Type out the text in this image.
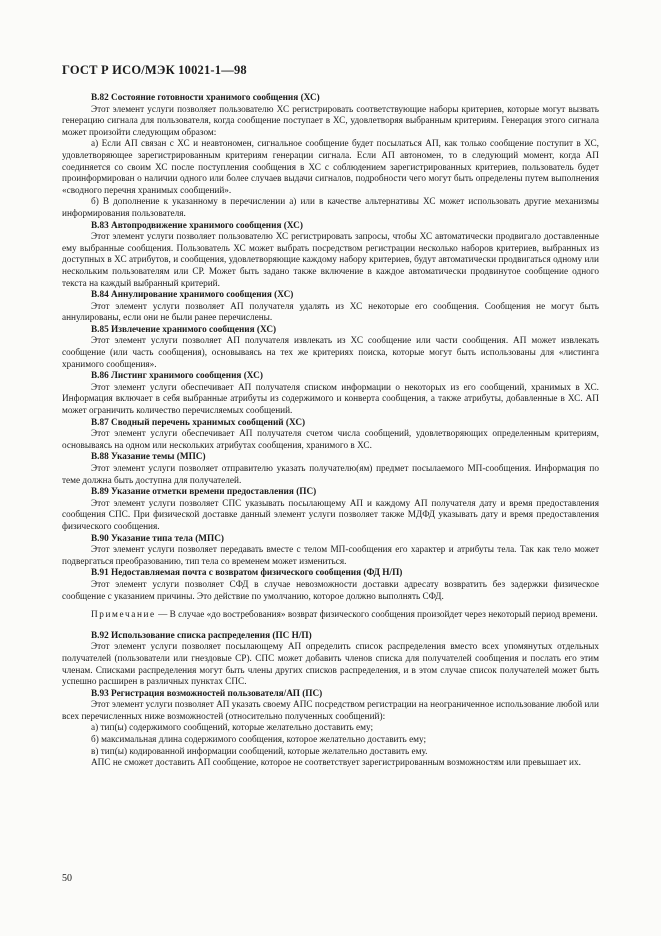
ГОСТ Р ИСО/МЭК 10021-1—98

В.82 Состояние готовности хранимого сообщения (ХС)

Этот элемент услуги позволяет пользователю ХС регистрировать соответствующие наборы критериев, которые могут вызвать генерацию сигнала для пользователя, когда сообщение поступает в ХС, удовлетворяя выбранным критериям. Генерация этого сигнала может произойти следующим образом:

а) Если АП связан с ХС и неавтономен, сигнальное сообщение будет посылаться АП, как только сообщение поступит в ХС, удовлетворяющее зарегистрированным критериям генерации сигнала. Если АП автономен, то в следующий момент, когда АП соединяется со своим ХС после поступления сообщения в ХС с соблюдением зарегистрированных критериев, пользователь будет проинформирован о наличии одного или более случаев выдачи сигналов, подробности чего могут быть определены путем выполнения «сводного перечня хранимых сообщений».

б) В дополнение к указанному в перечислении а) или в качестве альтернативы ХС может использовать другие механизмы информирования пользователя.

В.83 Автопродвижение хранимого сообщения (ХС)

Этот элемент услуги позволяет пользователю ХС регистрировать запросы, чтобы ХС автоматически продвигало доставленные ему выбранные сообщения. Пользователь ХС может выбрать посредством регистрации несколько наборов критериев, выбранных из доступных в ХС атрибутов, и сообщения, удовлетворяющие каждому набору критериев, будут автоматически продвигаться одному или нескольким пользователям или СР. Может быть задано также включение в каждое автоматически продвинутое сообщение одного текста на каждый выбранный критерий.

В.84 Аннулирование хранимого сообщения (ХС)

Этот элемент услуги позволяет АП получателя удалять из ХС некоторые его сообщения. Сообщения не могут быть аннулированы, если они не были ранее перечислены.

В.85 Извлечение хранимого сообщения (ХС)

Этот элемент услуги позволяет АП получателя извлекать из ХС сообщение или части сообщения. АП может извлекать сообщение (или часть сообщения), основываясь на тех же критериях поиска, которые могут быть использованы для «листинга хранимого сообщения».

В.86 Листинг хранимого сообщения (ХС)

Этот элемент услуги обеспечивает АП получателя списком информации о некоторых из его сообщений, хранимых в ХС. Информация включает в себя выбранные атрибуты из содержимого и конверта сообщения, а также атрибуты, добавленные в ХС. АП может ограничить количество перечисляемых сообщений.

В.87 Сводный перечень хранимых сообщений (ХС)

Этот элемент услуги обеспечивает АП получателя счетом числа сообщений, удовлетворяющих определенным критериям, основываясь на одном или нескольких атрибутах сообщения, хранимого в ХС.

В.88 Указание темы (МПС)

Этот элемент услуги позволяет отправителю указать получателю(ям) предмет посылаемого МП-сообщения. Информация по теме должна быть доступна для получателей.

В.89 Указание отметки времени предоставления (ПС)

Этот элемент услуги позволяет СПС указывать посылающему АП и каждому АП получателя дату и время предоставления сообщения СПС. При физической доставке данный элемент услуги позволяет также МДФД указывать дату и время предоставления физического сообщения.

В.90 Указание типа тела (МПС)

Этот элемент услуги позволяет передавать вместе с телом МП-сообщения его характер и атрибуты тела. Так как тело может подвергаться преобразованию, тип тела со временем может измениться.

В.91 Недоставляемая почта с возвратом физического сообщения (ФД Н/П)

Этот элемент услуги позволяет СФД в случае невозможности доставки адресату возвратить без задержки физическое сообщение с указанием причины. Это действие по умолчанию, которое должно выполнять СФД.

Примечание — В случае «до востребования» возврат физического сообщения произойдет через некоторый период времени.

В.92 Использование списка распределения (ПС Н/П)

Этот элемент услуги позволяет посылающему АП определить список распределения вместо всех упомянутых отдельных получателей (пользователи или гнездовые СР). СПС может добавить членов списка для получателей сообщения и послать его этим членам. Списками распределения могут быть члены других списков распределения, и в этом случае список получателей может быть успешно расширен в различных пунктах СПС.

В.93 Регистрация возможностей пользователя/АП (ПС)

Этот элемент услуги позволяет АП указать своему АПС посредством регистрации на неограниченное использование любой или всех перечисленных ниже возможностей (относительно полученных сообщений):

а) тип(ы) содержимого сообщений, которые желательно доставить ему;

б) максимальная длина содержимого сообщения, которое желательно доставить ему;

в) тип(ы) кодированной информации сообщений, которые желательно доставить ему.

АПС не сможет доставить АП сообщение, которое не соответствует зарегистрированным возможностям или превышает их.

50
